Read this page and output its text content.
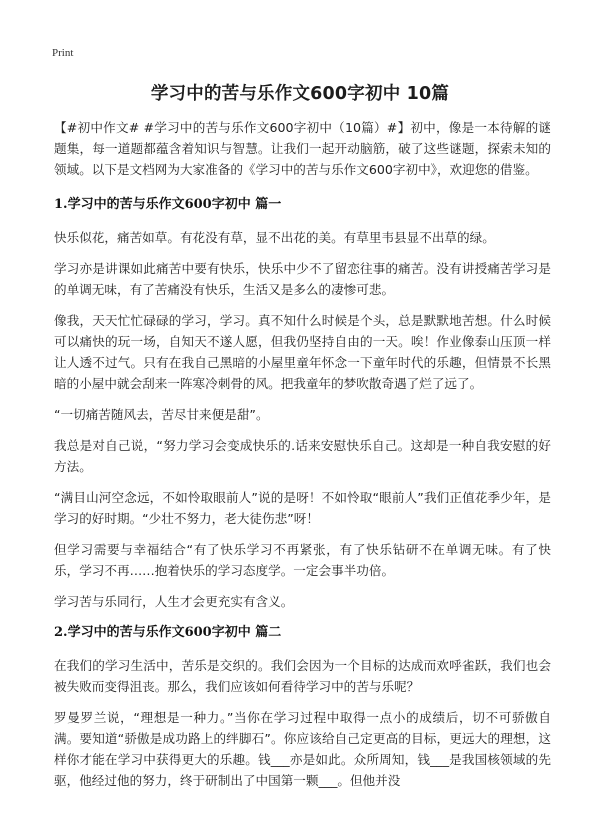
Print
学习中的苦与乐作文600字初中 10篇

【#初中作文# #学习中的苦与乐作文600字初中（10篇）#】初中，像是一本待解的谜题集，每一道题都蕴含着知识与智慧。让我们一起开动脑筋，破了这些谜题，探索未知的领域。以下是文档网为大家准备的《学习中的苦与乐作文600字初中》，欢迎您的借鉴。

1.学习中的苦与乐作文600字初中 篇一

快乐似花，痛苦如草。有花没有草，显不出花的美。有草里韦县显不出草的绿。

学习亦是讲课如此痛苦中要有快乐，快乐中少不了留恋往事的痛苦。没有讲授痛苦学习是的单调无味，有了苦痛没有快乐，生活又是多么的凄惨可悲。

像我，天天忙忙碌碌的学习，学习。真不知什么时候是个头，总是默默地苦想。什么时候可以痛快的玩一场，自知天不遂人愿，但我仍坚持自由的一天。唉！作业像泰山压顶一样让人透不过气。只有在我自己黑暗的小屋里童年怀念一下童年时代的乐趣，但情景不长黑暗的小屋中就会刮来一阵寒冷刺骨的风。把我童年的梦吹散奇遇了烂了远了。

“一切痛苦随风去，苦尽甘来便是甜”。

我总是对自己说，“努力学习会变成快乐的.话来安慰快乐自己。这却是一种自我安慰的好方法。

“满目山河空念远，不如怜取眼前人”说的是呀！不如怜取“眼前人”我们正值花季少年，是学习的好时期。“少壮不努力，老大徒伤悲”呀！

但学习需要与幸福结合“有了快乐学习不再紧张，有了快乐钻研不在单调无味。有了快乐，学习不再……抱着快乐的学习态度学。一定会事半功倍。

学习苦与乐同行，人生才会更充实有含义。

2.学习中的苦与乐作文600字初中 篇二

在我们的学习生活中，苦乐是交织的。我们会因为一个目标的达成而欢呼雀跃，我们也会被失败而变得沮丧。那么，我们应该如何看待学习中的苦与乐呢？

罗曼罗兰说，“理想是一种力。”当你在学习过程中取得一点小的成绩后，切不可骄傲自满。要知道“骄傲是成功路上的绊脚石”。你应该给自己定更高的目标，更远大的理想，这样你才能在学习中获得更大的乐趣。钱___亦是如此。众所周知，钱___是我国核领域的先驱，他经过他的努力，终于研制出了中国第一颗___。但他并没
